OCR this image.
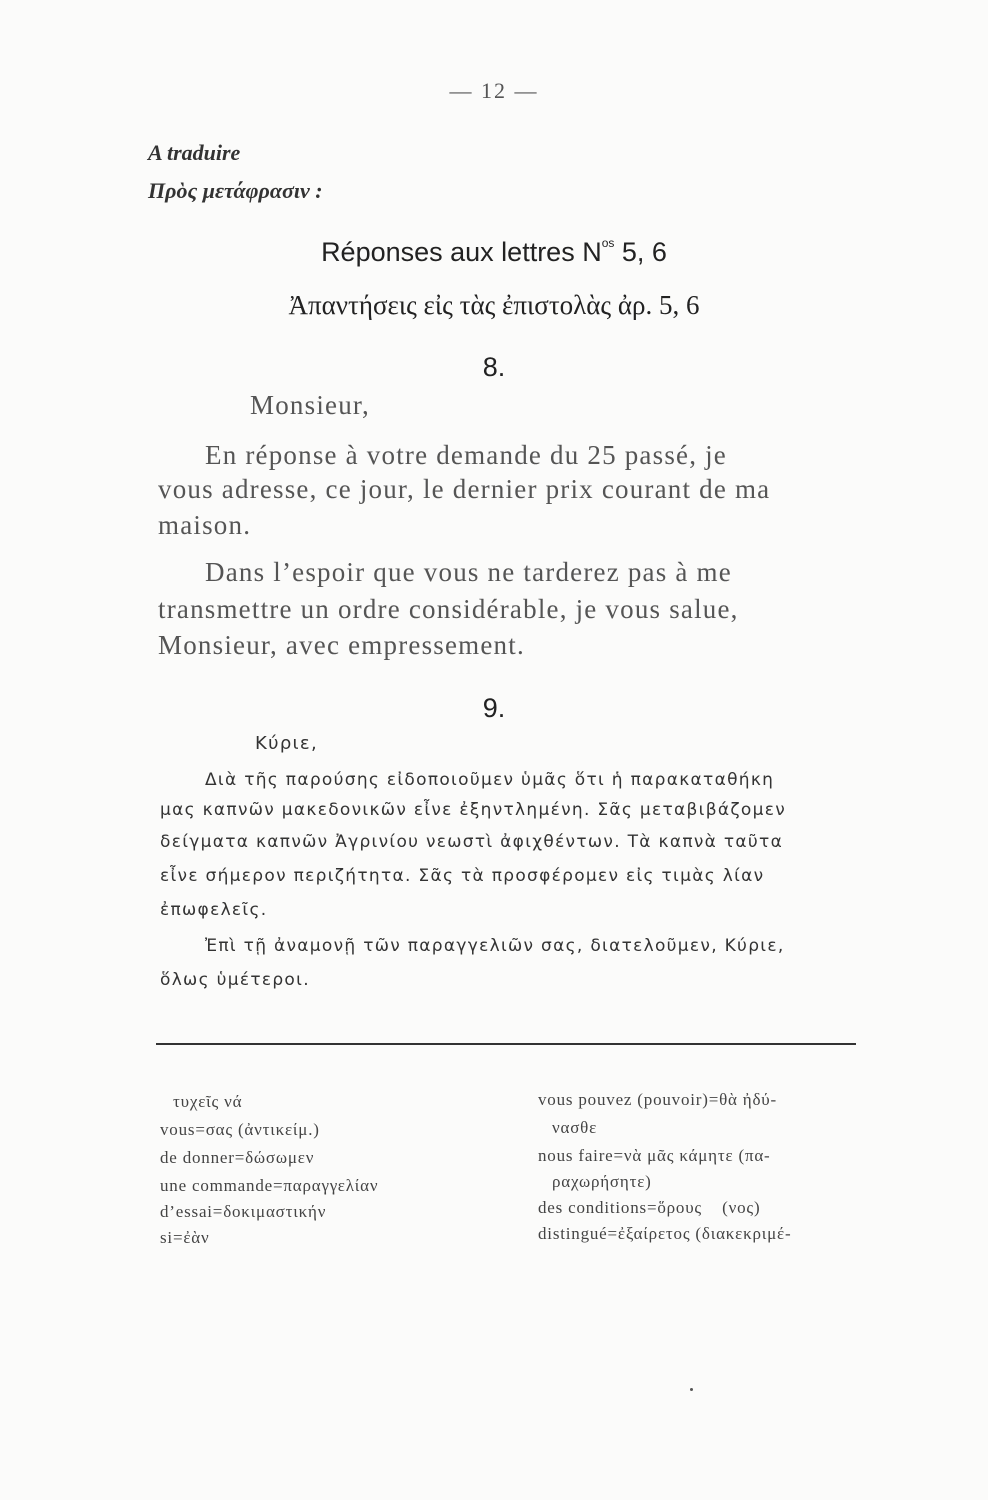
— 12 —
A traduire
Πρὸς μετάφρασιν :
Réponses aux lettres $N^{os}$ 5, 6
Ἀπαντήσεις εἰς τὰς ἐπιστολὰς ἀρ. 5, 6
8.
Monsieur,
En réponse à votre demande du 25 passé, je
vous adresse, ce jour, le dernier prix courant de ma
maison.
Dans l’espoir que vous ne tarderez pas à me
transmettre un ordre considérable, je vous salue,
Monsieur, avec empressement.
9.
Κύριε,
Διὰ τῆς παρούσης εἰδοποιοῦμεν ὑμᾶς ὅτι ἡ παρακαταθήκη
μας καπνῶν μακεδονικῶν εἶνε ἐξηντλημένη. Σᾶς μεταβιβάζομεν
δείγματα καπνῶν Ἀγρινίου νεωστὶ ἀφιχθέντων. Τὰ καπνὰ ταῦτα
εἶνε σήμερον περιζήτητα. Σᾶς τὰ προσφέρομεν εἰς τιμὰς λίαν
ἐπωφελεῖς.
Ἐπὶ τῇ ἀναμονῇ τῶν παραγγελιῶν σας, διατελοῦμεν, Κύριε,
ὅλως ὑμέτεροι.
τυχεῖς νά
vous=σας (ἀντικείμ.)
de donner=δώσωμεν
une commande=παραγγελίαν
d’essai=δοκιμαστικήν
si=ἐὰν
vous pouvez (pouvoir)=θὰ ἠδύ-
νασθε
nous faire=νὰ μᾶς κάμητε (πα-
ραχωρήσητε)
des conditions=ὅρους    (νος)
distingué=ἐξαίρετος (διακεκριμέ-
